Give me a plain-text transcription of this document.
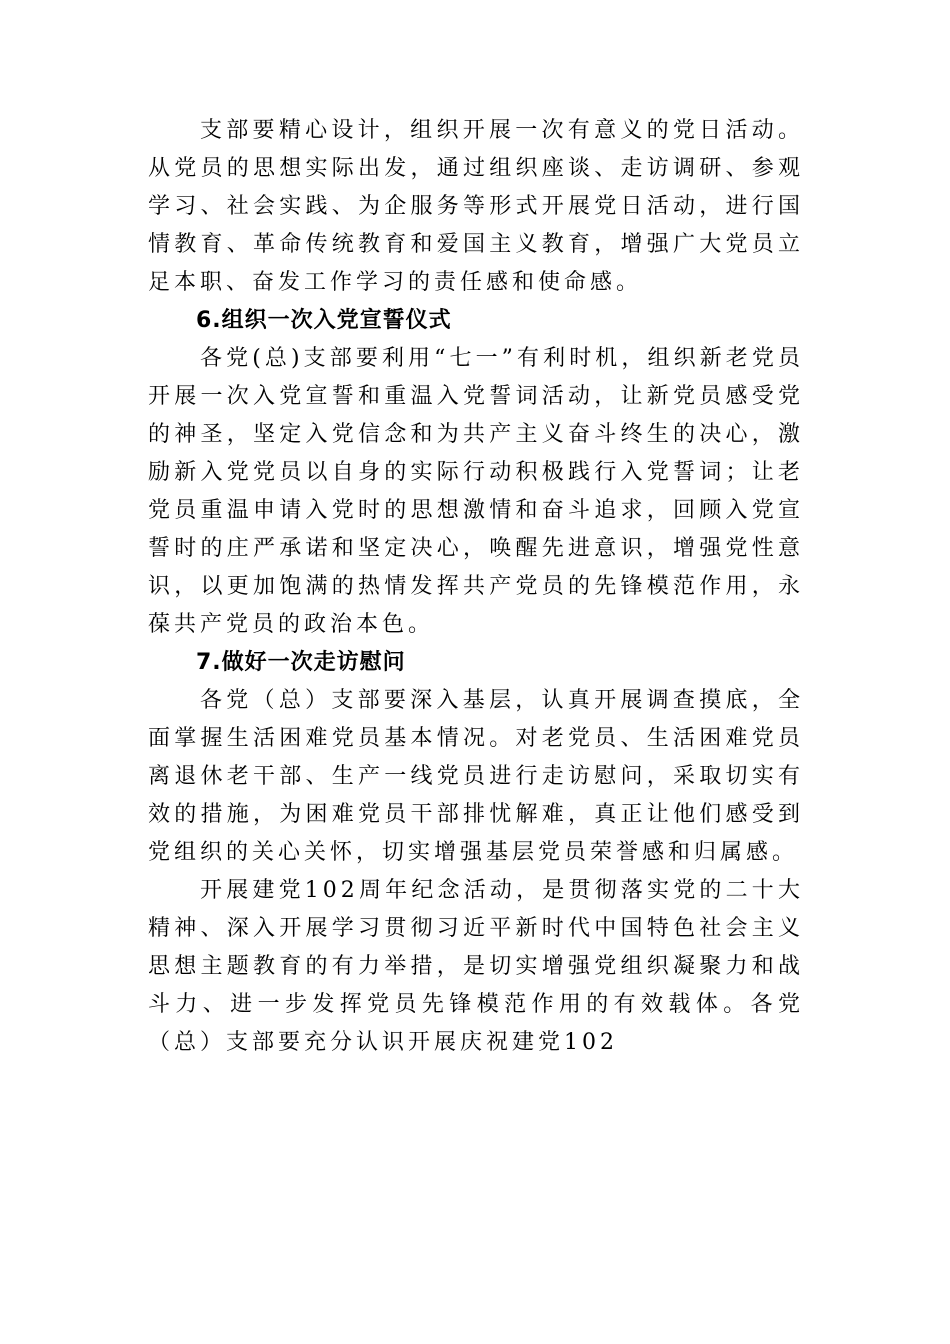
支部要精心设计，组织开展一次有意义的党日活动。从党员的思想实际出发，通过组织座谈、走访调研、参观学习、社会实践、为企服务等形式开展党日活动，进行国情教育、革命传统教育和爱国主义教育，增强广大党员立足本职、奋发工作学习的责任感和使命感。

6.组织一次入党宣誓仪式

各党(总)支部要利用“七一”有利时机，组织新老党员开展一次入党宣誓和重温入党誓词活动，让新党员感受党的神圣，坚定入党信念和为共产主义奋斗终生的决心，激励新入党党员以自身的实际行动积极践行入党誓词；让老党员重温申请入党时的思想激情和奋斗追求，回顾入党宣誓时的庄严承诺和坚定决心，唤醒先进意识，增强党性意识，以更加饱满的热情发挥共产党员的先锋模范作用，永葆共产党员的政治本色。

7.做好一次走访慰问

各党（总）支部要深入基层，认真开展调查摸底，全面掌握生活困难党员基本情况。对老党员、生活困难党员离退休老干部、生产一线党员进行走访慰问，采取切实有效的措施，为困难党员干部排忧解难，真正让他们感受到党组织的关心关怀，切实增强基层党员荣誉感和归属感。

开展建党102周年纪念活动，是贯彻落实党的二十大精神、深入开展学习贯彻习近平新时代中国特色社会主义思想主题教育的有力举措，是切实增强党组织凝聚力和战斗力、进一步发挥党员先锋模范作用的有效载体。各党（总）支部要充分认识开展庆祝建党102
